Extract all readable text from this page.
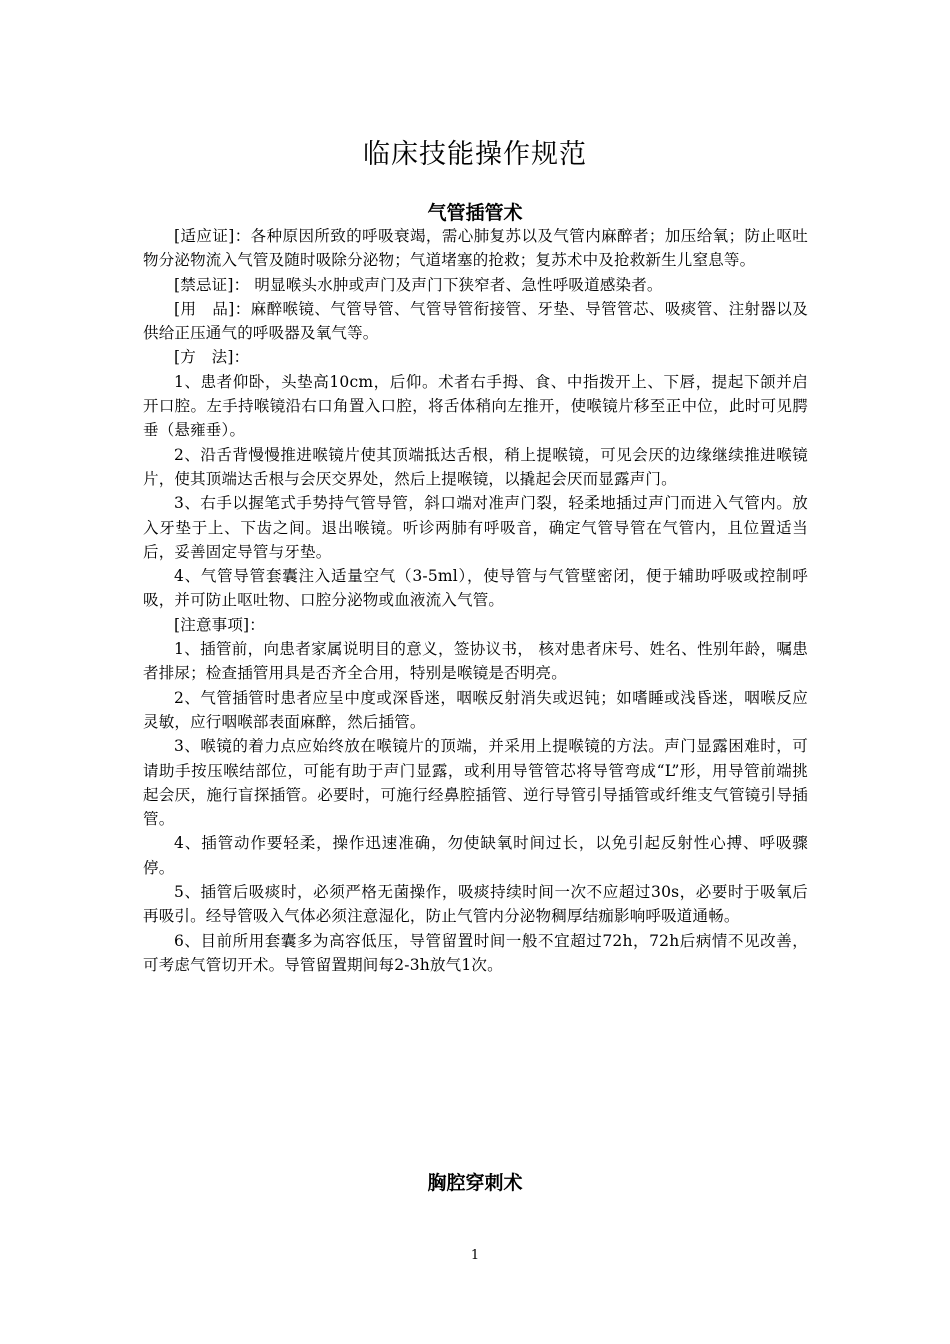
临床技能操作规范
气管插管术

[适应证]：各种原因所致的呼吸衰竭，需心肺复苏以及气管内麻醉者；加压给氧；防止呕吐物分泌物流入气管及随时吸除分泌物；气道堵塞的抢救；复苏术中及抢救新生儿窒息等。

[禁忌证]： 明显喉头水肿或声门及声门下狭窄者、急性呼吸道感染者。

[用　品]：麻醉喉镜、气管导管、气管导管衔接管、牙垫、导管管芯、吸痰管、注射器以及供给正压通气的呼吸器及氧气等。

[方　法]：

1、患者仰卧，头垫高10cm，后仰。术者右手拇、食、中指拨开上、下唇，提起下颌并启开口腔。左手持喉镜沿右口角置入口腔，将舌体稍向左推开，使喉镜片移至正中位，此时可见腭垂（悬雍垂）。

2、沿舌背慢慢推进喉镜片使其顶端抵达舌根，稍上提喉镜，可见会厌的边缘继续推进喉镜片，使其顶端达舌根与会厌交界处，然后上提喉镜，以撬起会厌而显露声门。

3、右手以握笔式手势持气管导管，斜口端对准声门裂，轻柔地插过声门而进入气管内。放入牙垫于上、下齿之间。退出喉镜。听诊两肺有呼吸音，确定气管导管在气管内，且位置适当后，妥善固定导管与牙垫。

4、气管导管套囊注入适量空气（3-5ml），使导管与气管壁密闭，便于辅助呼吸或控制呼吸，并可防止呕吐物、口腔分泌物或血液流入气管。

[注意事项]：

1、插管前，向患者家属说明目的意义，签协议书， 核对患者床号、姓名、性别年龄，嘱患者排尿；检查插管用具是否齐全合用，特别是喉镜是否明亮。

2、气管插管时患者应呈中度或深昏迷，咽喉反射消失或迟钝；如嗜睡或浅昏迷，咽喉反应灵敏，应行咽喉部表面麻醉，然后插管。

3、喉镜的着力点应始终放在喉镜片的顶端，并采用上提喉镜的方法。声门显露困难时，可请助手按压喉结部位，可能有助于声门显露，或利用导管管芯将导管弯成“L”形，用导管前端挑起会厌，施行盲探插管。必要时，可施行经鼻腔插管、逆行导管引导插管或纤维支气管镜引导插管。

4、插管动作要轻柔，操作迅速准确，勿使缺氧时间过长，以免引起反射性心搏、呼吸骤停。

5、插管后吸痰时，必须严格无菌操作，吸痰持续时间一次不应超过30s，必要时于吸氧后再吸引。经导管吸入气体必须注意湿化，防止气管内分泌物稠厚结痂影响呼吸道通畅。

6、目前所用套囊多为高容低压，导管留置时间一般不宜超过72h，72h后病情不见改善，可考虑气管切开术。导管留置期间每2-3h放气1次。

胸腔穿刺术
1
